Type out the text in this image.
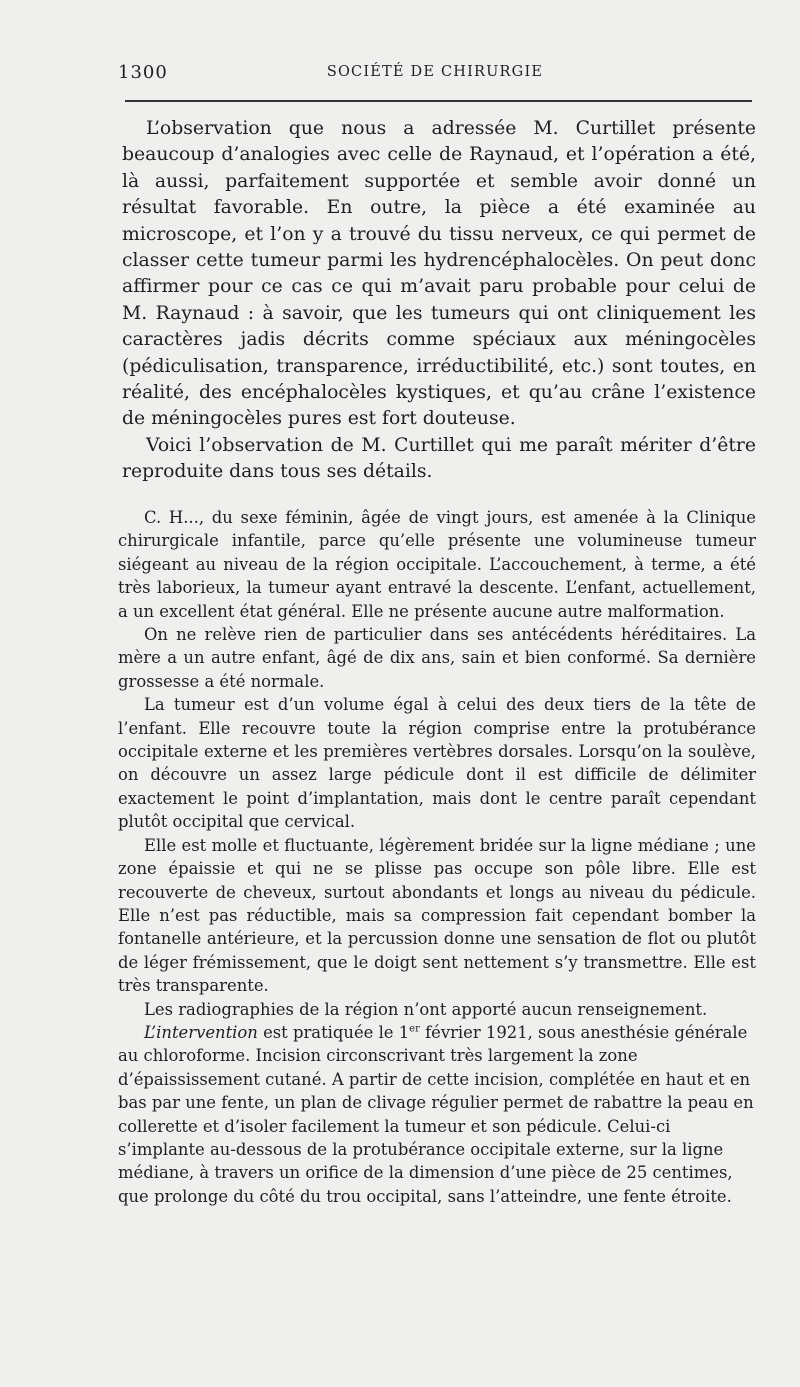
1300	SOCIÉTÉ DE CHIRURGIE

L’observation que nous a adressée M. Curtillet présente beaucoup d’analogies avec celle de Raynaud, et l’opération a été, là aussi, parfaitement supportée et semble avoir donné un résultat favorable. En outre, la pièce a été examinée au microscope, et l’on y a trouvé du tissu nerveux, ce qui permet de classer cette tumeur parmi les hydrencéphalocèles. On peut donc affirmer pour ce cas ce qui m’avait paru probable pour celui de M. Raynaud : à savoir, que les tumeurs qui ont cliniquement les caractères jadis décrits comme spéciaux aux méningocèles (pédiculisation, transparence, irréductibilité, etc.) sont toutes, en réalité, des encéphalocèles kystiques, et qu’au crâne l’existence de méningocèles pures est fort douteuse.

Voici l’observation de M. Curtillet qui me paraît mériter d’être reproduite dans tous ses détails.

C. H..., du sexe féminin, âgée de vingt jours, est amenée à la Clinique chirurgicale infantile, parce qu’elle présente une volumineuse tumeur siégeant au niveau de la région occipitale. L’accouchement, à terme, a été très laborieux, la tumeur ayant entravé la descente. L’enfant, actuellement, a un excellent état général. Elle ne présente aucune autre malformation.

On ne relève rien de particulier dans ses antécédents héréditaires. La mère a un autre enfant, âgé de dix ans, sain et bien conformé. Sa dernière grossesse a été normale.

La tumeur est d’un volume égal à celui des deux tiers de la tête de l’enfant. Elle recouvre toute la région comprise entre la protubérance occipitale externe et les premières vertèbres dorsales. Lorsqu’on la soulève, on découvre un assez large pédicule dont il est difficile de délimiter exactement le point d’implantation, mais dont le centre paraît cependant plutôt occipital que cervical.

Elle est molle et fluctuante, légèrement bridée sur la ligne médiane ; une zone épaissie et qui ne se plisse pas occupe son pôle libre. Elle est recouverte de cheveux, surtout abondants et longs au niveau du pédicule. Elle n’est pas réductible, mais sa compression fait cependant bomber la fontanelle antérieure, et la percussion donne une sensation de flot ou plutôt de léger frémissement, que le doigt sent nettement s’y transmettre. Elle est très transparente.

Les radiographies de la région n’ont apporté aucun renseignement.

L’intervention est pratiquée le 1er février 1921, sous anesthésie générale au chloroforme. Incision circonscrivant très largement la zone d’épaississement cutané. A partir de cette incision, complétée en haut et en bas par une fente, un plan de clivage régulier permet de rabattre la peau en collerette et d’isoler facilement la tumeur et son pédicule. Celui-ci s’implante au-dessous de la protubérance occipitale externe, sur la ligne médiane, à travers un orifice de la dimension d’une pièce de 25 centimes, que prolonge du côté du trou occipital, sans l’atteindre, une fente étroite.
